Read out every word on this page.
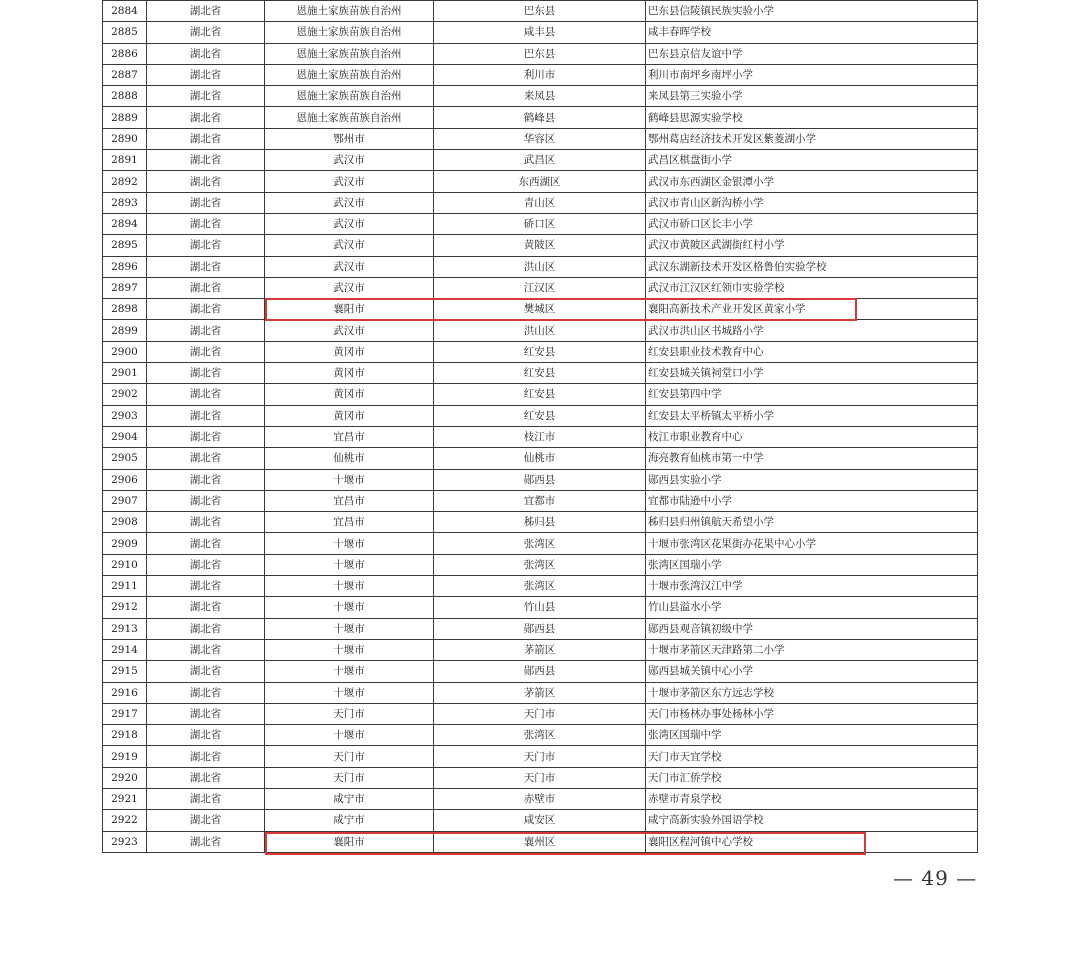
2884	湖北省	恩施土家族苗族自治州	巴东县	巴东县信陵镇民族实验小学
2885	湖北省	恩施土家族苗族自治州	咸丰县	咸丰春晖学校
2886	湖北省	恩施土家族苗族自治州	巴东县	巴东县京信友谊中学
2887	湖北省	恩施土家族苗族自治州	利川市	利川市南坪乡南坪小学
2888	湖北省	恩施土家族苗族自治州	来凤县	来凤县第三实验小学
2889	湖北省	恩施土家族苗族自治州	鹤峰县	鹤峰县思源实验学校
2890	湖北省	鄂州市	华容区	鄂州葛店经济技术开发区紫菱湖小学
2891	湖北省	武汉市	武昌区	武昌区棋盘街小学
2892	湖北省	武汉市	东西湖区	武汉市东西湖区金银潭小学
2893	湖北省	武汉市	青山区	武汉市青山区新沟桥小学
2894	湖北省	武汉市	硚口区	武汉市硚口区长丰小学
2895	湖北省	武汉市	黄陂区	武汉市黄陂区武湖街红村小学
2896	湖北省	武汉市	洪山区	武汉东湖新技术开发区格鲁伯实验学校
2897	湖北省	武汉市	江汉区	武汉市江汉区红领巾实验学校
2898	湖北省	襄阳市	樊城区	襄阳高新技术产业开发区黄家小学
2899	湖北省	武汉市	洪山区	武汉市洪山区书城路小学
2900	湖北省	黄冈市	红安县	红安县职业技术教育中心
2901	湖北省	黄冈市	红安县	红安县城关镇祠堂口小学
2902	湖北省	黄冈市	红安县	红安县第四中学
2903	湖北省	黄冈市	红安县	红安县太平桥镇太平桥小学
2904	湖北省	宜昌市	枝江市	枝江市职业教育中心
2905	湖北省	仙桃市	仙桃市	海亮教育仙桃市第一中学
2906	湖北省	十堰市	郧西县	郧西县实验小学
2907	湖北省	宜昌市	宜都市	宜都市陆逊中小学
2908	湖北省	宜昌市	秭归县	秭归县归州镇航天希望小学
2909	湖北省	十堰市	张湾区	十堰市张湾区花果街办花果中心小学
2910	湖北省	十堰市	张湾区	张湾区国瑞小学
2911	湖北省	十堰市	张湾区	十堰市张湾汉江中学
2912	湖北省	十堰市	竹山县	竹山县溢水小学
2913	湖北省	十堰市	郧西县	郧西县观音镇初级中学
2914	湖北省	十堰市	茅箭区	十堰市茅箭区天津路第二小学
2915	湖北省	十堰市	郧西县	郧西县城关镇中心小学
2916	湖北省	十堰市	茅箭区	十堰市茅箭区东方远志学校
2917	湖北省	天门市	天门市	天门市杨林办事处杨林小学
2918	湖北省	十堰市	张湾区	张湾区国瑞中学
2919	湖北省	天门市	天门市	天门市天宜学校
2920	湖北省	天门市	天门市	天门市汇侨学校
2921	湖北省	咸宁市	赤壁市	赤壁市青泉学校
2922	湖北省	咸宁市	咸安区	咸宁高新实验外国语学校
2923	湖北省	襄阳市	襄州区	襄阳区程河镇中心学校
— 49 —
